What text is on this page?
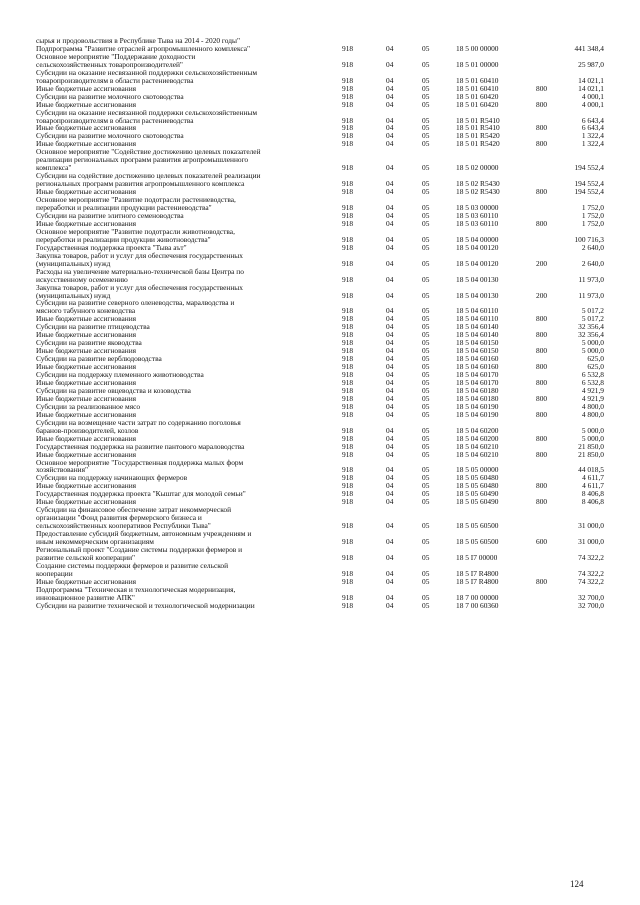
сырья и продовольствия в Республике Тыва на 2014 - 2020 годы"
Подпрограмма "Развитие отраслей агропромышленного комплекса"	918	04	05	18 5 00 00000	441 348,4
Основное мероприятие "Поддержание доходности
сельскохозяйственных товаропроизводителей"	918	04	05	18 5 01 00000	25 987,0
Субсидии на оказание несвязанной поддержки сельскохозяйственным
товаропроизводителям в области растениеводства	918	04	05	18 5 01 60410	14 021,1
Иные бюджетные ассигнования	918	04	05	18 5 01 60410	800	14 021,1
Субсидии на развитие молочного скотоводства	918	04	05	18 5 01 60420	4 000,1
Иные бюджетные ассигнования	918	04	05	18 5 01 60420	800	4 000,1
Субсидии на оказание несвязанной поддержки сельскохозяйственным
товаропроизводителям в области растениеводства	918	04	05	18 5 01 R5410	6 643,4
Иные бюджетные ассигнования	918	04	05	18 5 01 R5410	800	6 643,4
Субсидии на развитие молочного скотоводства	918	04	05	18 5 01 R5420	1 322,4
Иные бюджетные ассигнования	918	04	05	18 5 01 R5420	800	1 322,4
Основное мероприятие "Содействие достижению целевых показателей
реализации региональных программ развития агропромышленного
комплекса"	918	04	05	18 5 02 00000	194 552,4
Субсидии на содействие достижению целевых показателей реализации
региональных программ развития агропромышленного комплекса	918	04	05	18 5 02 R5430	194 552,4
Иные бюджетные ассигнования	918	04	05	18 5 02 R5430	800	194 552,4
Основное мероприятие "Развитие подотрасли растениеводства,
переработки и реализации продукции растениеводства"	918	04	05	18 5 03 00000	1 752,0
Субсидии на развитие элитного семеноводства	918	04	05	18 5 03 60110	1 752,0
Иные бюджетные ассигнования	918	04	05	18 5 03 60110	800	1 752,0
Основное мероприятие "Развитие подотрасли животноводства,
переработки и реализации продукции животноводства"	918	04	05	18 5 04 00000	100 716,3
Государственная поддержка проекта "Тыва аът"	918	04	05	18 5 04 00120	2 640,0
Закупка товаров, работ и услуг для обеспечения государственных
(муниципальных) нужд	918	04	05	18 5 04 00120	200	2 640,0
Расходы на увеличение материально-технической базы Центра по
искусственному осеменению	918	04	05	18 5 04 00130	11 973,0
Закупка товаров, работ и услуг для обеспечения государственных
(муниципальных) нужд	918	04	05	18 5 04 00130	200	11 973,0
Субсидии на развитие северного оленеводства, маралводства и
мясного табунного коневодства	918	04	05	18 5 04 60110	5 017,2
Иные бюджетные ассигнования	918	04	05	18 5 04 60110	800	5 017,2
Субсидии на развитие птицеводства	918	04	05	18 5 04 60140	32 356,4
Иные бюджетные ассигнования	918	04	05	18 5 04 60140	800	32 356,4
Субсидии на развитие яководства	918	04	05	18 5 04 60150	5 000,0
Иные бюджетные ассигнования	918	04	05	18 5 04 60150	800	5 000,0
Субсидии на развитие верблюдоводства	918	04	05	18 5 04 60160	625,0
Иные бюджетные ассигнования	918	04	05	18 5 04 60160	800	625,0
Субсидии на поддержку племенного животноводства	918	04	05	18 5 04 60170	6 532,8
Иные бюджетные ассигнования	918	04	05	18 5 04 60170	800	6 532,8
Субсидии на развитие овцеводства и козоводства	918	04	05	18 5 04 60180	4 921,9
Иные бюджетные ассигнования	918	04	05	18 5 04 60180	800	4 921,9
Субсидии за реализованное мясо	918	04	05	18 5 04 60190	4 800,0
Иные бюджетные ассигнования	918	04	05	18 5 04 60190	800	4 800,0
Субсидии на возмещение части затрат по содержанию поголовья
баранов-производителей, козлов	918	04	05	18 5 04 60200	5 000,0
Иные бюджетные ассигнования	918	04	05	18 5 04 60200	800	5 000,0
Государственная поддержка на развитие пантового мараловодства	918	04	05	18 5 04 60210	21 850,0
Иные бюджетные ассигнования	918	04	05	18 5 04 60210	800	21 850,0
Основное мероприятие "Государственная поддержка малых форм
хозяйствования"	918	04	05	18 5 05 00000	44 018,5
Субсидии на поддержку начинающих фермеров	918	04	05	18 5 05 60480	4 611,7
Иные бюджетные ассигнования	918	04	05	18 5 05 60480	800	4 611,7
Государственная поддержка проекта "Кыштаг для молодой семьи"	918	04	05	18 5 05 60490	8 406,8
Иные бюджетные ассигнования	918	04	05	18 5 05 60490	800	8 406,8
Субсидии на финансовое обеспечение затрат некоммерческой
организации "Фонд развития фермерского бизнеса и
сельскохозяйственных кооперативов Республики Тыва"	918	04	05	18 5 05 60500	31 000,0
Предоставление субсидий бюджетным, автономным учреждениям и
иным некоммерческим организациям	918	04	05	18 5 05 60500	600	31 000,0
Региональный проект "Создание системы поддержки фермеров и
развитие сельской кооперации"	918	04	05	18 5 I7 00000	74 322,2
Создание системы поддержки фермеров и развитие сельской
кооперации	918	04	05	18 5 I7 R4800	74 322,2
Иные бюджетные ассигнования	918	04	05	18 5 I7 R4800	800	74 322,2
Подпрограмма "Техническая и технологическая модернизация,
инновационное развитие АПК"	918	04	05	18 7 00 00000	32 700,0
Субсидии на развитие технической и технологической модернизации	918	04	05	18 7 00 60360	32 700,0
124
